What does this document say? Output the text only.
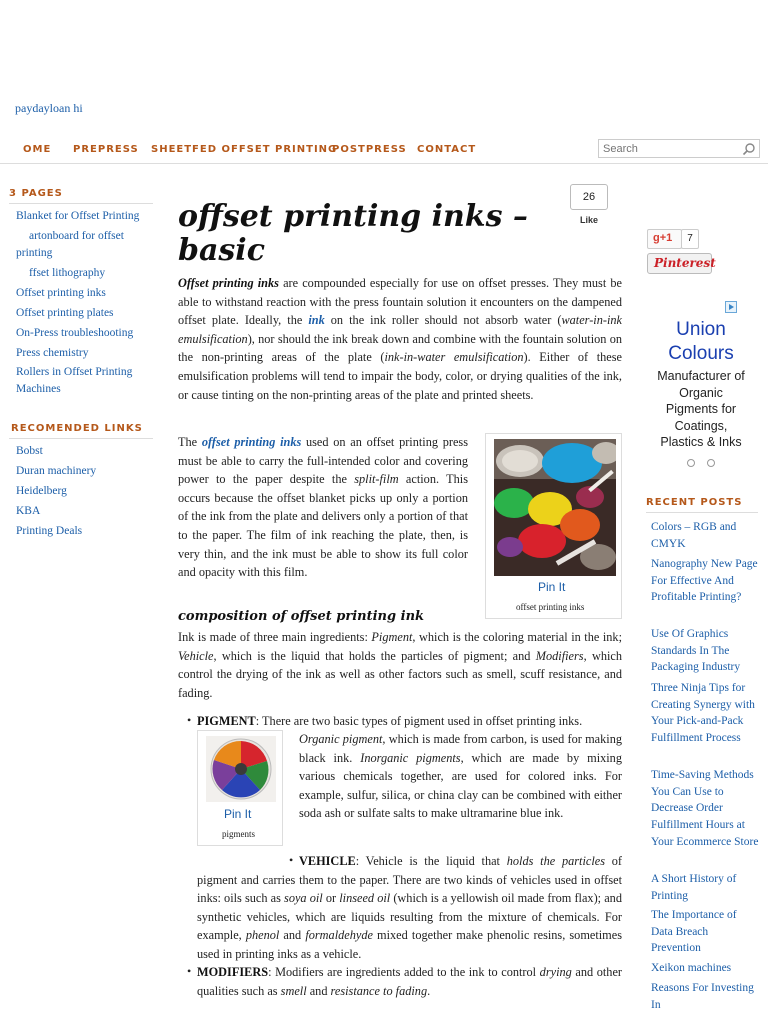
paydayloan hi
OME PREPRESS SHEETFED OFFSET PRINTING
POSTPRESS CONTACT
Search
3 PAGES
Blanket for Offset Printing
artonboard for offset
printing
ffset lithography
Offset printing inks
Offset printing plates
On-Press troubleshooting
Press chemistry
Rollers in Offset Printing
Machines
RECOMENDED LINKS
Bobst
Duran machinery
Heidelberg
KBA
Printing Deals
offset printing inks –
basic
26
Like

Offset printing inks are compounded especially for use on offset presses. They must be able to withstand reaction with the press fountain solution it encounters on the dampened offset plate. Ideally, the ink on the ink roller should not absorb water (water-in-ink emulsification), nor should the ink break down and combine with the fountain solution on the non-printing areas of the plate (ink-in-water emulsification). Either of these emulsification problems will tend to impair the body, color, or drying qualities of the ink, or cause tinting on the non-printing areas of the plate and printed sheets.

The offset printing inks used on an offset printing press must be able to carry the full-intended color and covering power to the paper despite the split-film action. This occurs because the offset blanket picks up only a portion of the ink from the plate and delivers only a portion of that to the paper. The film of ink reaching the plate, then, is very thin, and the ink must be able to show its full color and opacity with this film.

Pin It
offset printing inks
composition of offset printing ink

Ink is made of three main ingredients: Pigment, which is the coloring material in the ink; Vehicle, which is the liquid that holds the particles of pigment; and Modifiers, which control the drying of the ink as well as other factors such as smell, scuff resistance, and fading.

• PIGMENT: There are two basic types of pigment used in offset printing inks.

Pin It
pigments

Organic pigment, which is made from carbon, is used for making black ink. Inorganic pigments, which are made by mixing various chemicals together, are used for colored inks. For example, sulfur, silica, or china clay can be combined with either soda ash or sulfate salts to make ultramarine blue ink.

• VEHICLE: Vehicle is the liquid that holds the particles of pigment and carries them to the paper. There are two kinds of vehicles used in offset inks: oils such as soya oil or linseed oil (which is a yellowish oil made from flax); and synthetic vehicles, which are liquids resulting from the mixture of chemicals. For example, phenol and formaldehyde mixed together make phenolic resins, sometimes used in printing inks as a vehicle.

• MODIFIERS: Modifiers are ingredients added to the ink to control drying and other qualities such as smell and resistance to fading.

g+1	7
Pinterest
Union Colours
Manufacturer of Organic Pigments for Coatings, Plastics & Inks
RECENT POSTS
Colors – RGB and CMYK
Nanography New Page For Effective And Profitable Printing?
Use Of Graphics Standards In The Packaging Industry
Three Ninja Tips for Creating Synergy with Your Pick-and-Pack Fulfillment Process
Time-Saving Methods You Can Use to Decrease Order Fulfillment Hours at Your Ecommerce Store
A Short History of Printing
The Importance of Data Breach Prevention
Xeikon machines
Reasons For Investing In
